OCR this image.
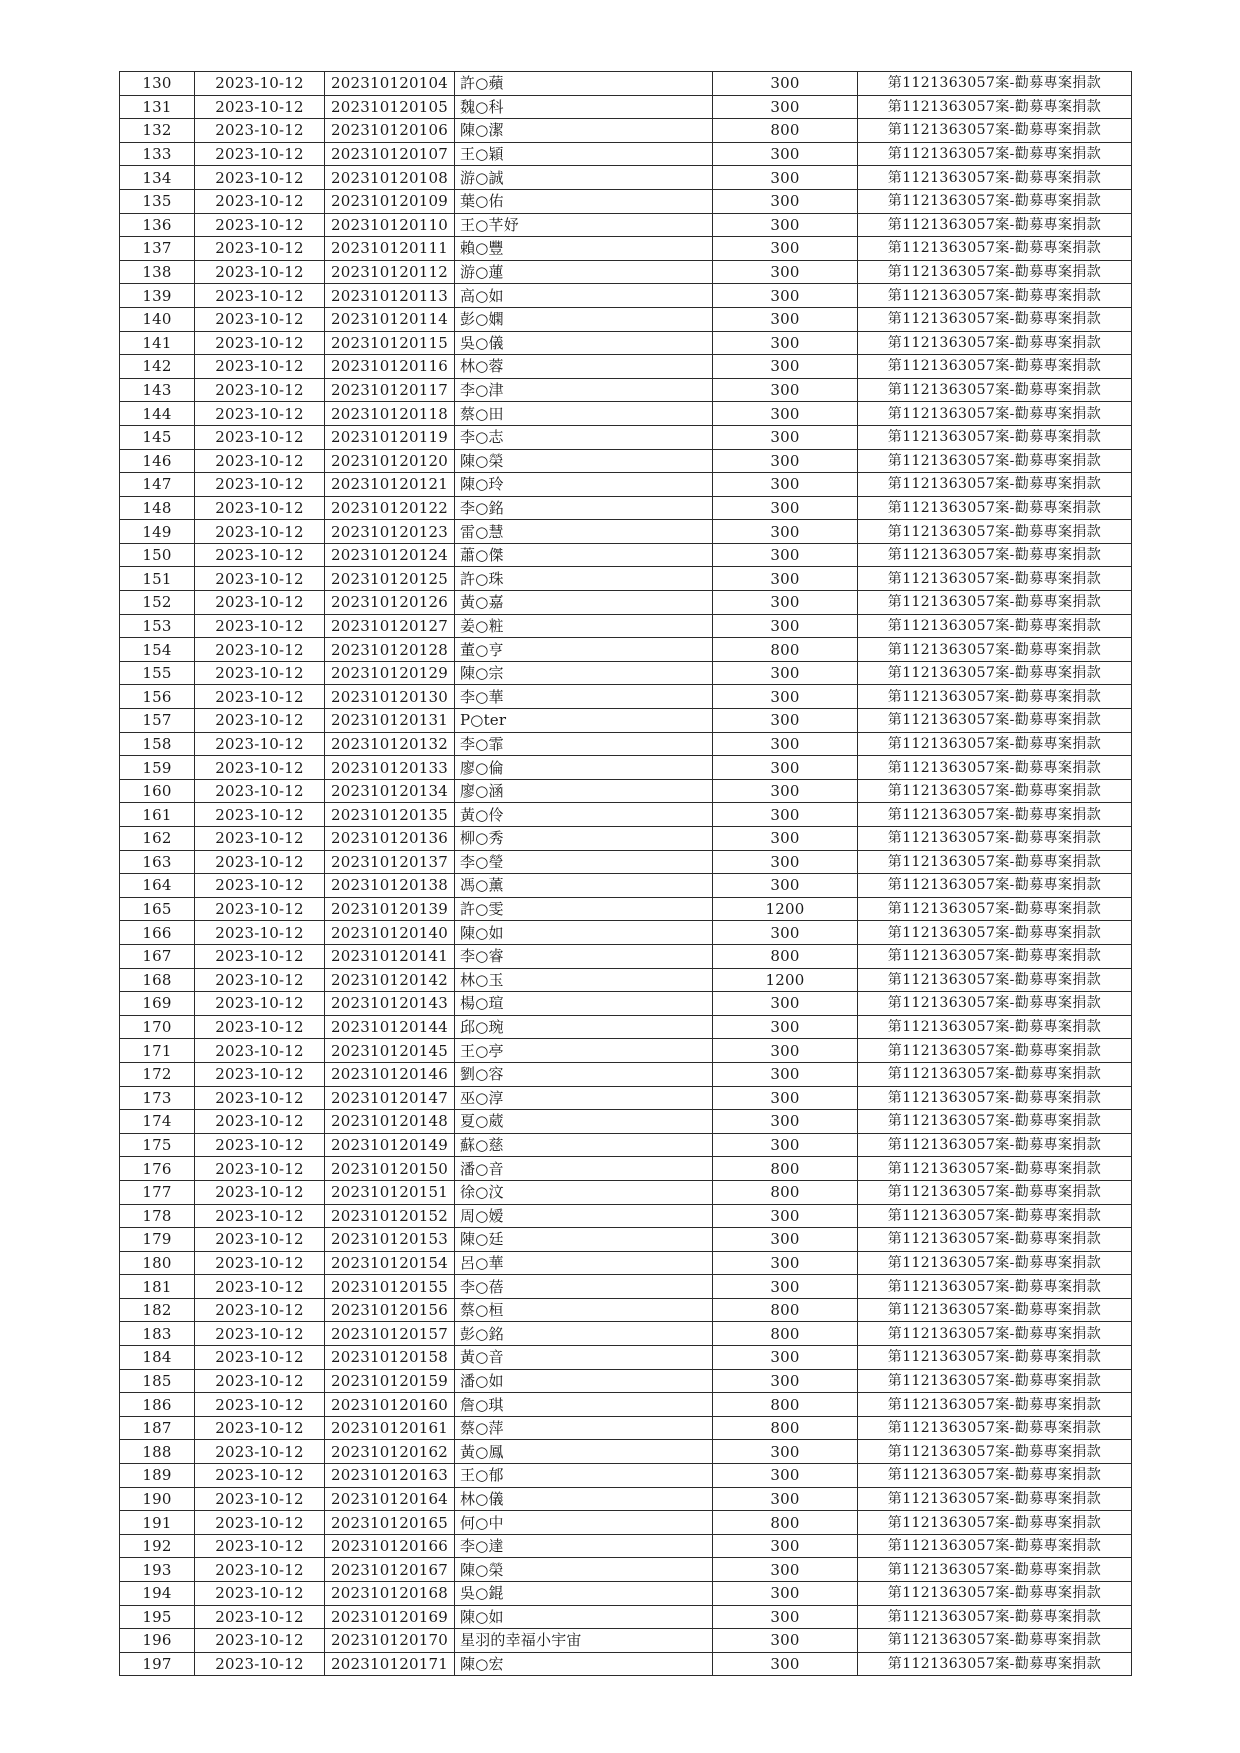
130	2023-10-12	202310120104	許○蘋	300	第1121363057案-勸募專案捐款
131	2023-10-12	202310120105	魏○科	300	第1121363057案-勸募專案捐款
132	2023-10-12	202310120106	陳○潔	800	第1121363057案-勸募專案捐款
133	2023-10-12	202310120107	王○穎	300	第1121363057案-勸募專案捐款
134	2023-10-12	202310120108	游○誠	300	第1121363057案-勸募專案捐款
135	2023-10-12	202310120109	葉○佑	300	第1121363057案-勸募專案捐款
136	2023-10-12	202310120110	王○芊妤	300	第1121363057案-勸募專案捐款
137	2023-10-12	202310120111	賴○豐	300	第1121363057案-勸募專案捐款
138	2023-10-12	202310120112	游○蓮	300	第1121363057案-勸募專案捐款
139	2023-10-12	202310120113	高○如	300	第1121363057案-勸募專案捐款
140	2023-10-12	202310120114	彭○嫻	300	第1121363057案-勸募專案捐款
141	2023-10-12	202310120115	吳○儀	300	第1121363057案-勸募專案捐款
142	2023-10-12	202310120116	林○蓉	300	第1121363057案-勸募專案捐款
143	2023-10-12	202310120117	李○津	300	第1121363057案-勸募專案捐款
144	2023-10-12	202310120118	蔡○田	300	第1121363057案-勸募專案捐款
145	2023-10-12	202310120119	李○志	300	第1121363057案-勸募專案捐款
146	2023-10-12	202310120120	陳○榮	300	第1121363057案-勸募專案捐款
147	2023-10-12	202310120121	陳○玲	300	第1121363057案-勸募專案捐款
148	2023-10-12	202310120122	李○銘	300	第1121363057案-勸募專案捐款
149	2023-10-12	202310120123	雷○慧	300	第1121363057案-勸募專案捐款
150	2023-10-12	202310120124	蕭○傑	300	第1121363057案-勸募專案捐款
151	2023-10-12	202310120125	許○珠	300	第1121363057案-勸募專案捐款
152	2023-10-12	202310120126	黃○嘉	300	第1121363057案-勸募專案捐款
153	2023-10-12	202310120127	姜○粧	300	第1121363057案-勸募專案捐款
154	2023-10-12	202310120128	董○亨	800	第1121363057案-勸募專案捐款
155	2023-10-12	202310120129	陳○宗	300	第1121363057案-勸募專案捐款
156	2023-10-12	202310120130	李○華	300	第1121363057案-勸募專案捐款
157	2023-10-12	202310120131	P○ter	300	第1121363057案-勸募專案捐款
158	2023-10-12	202310120132	李○霏	300	第1121363057案-勸募專案捐款
159	2023-10-12	202310120133	廖○倫	300	第1121363057案-勸募專案捐款
160	2023-10-12	202310120134	廖○涵	300	第1121363057案-勸募專案捐款
161	2023-10-12	202310120135	黃○伶	300	第1121363057案-勸募專案捐款
162	2023-10-12	202310120136	柳○秀	300	第1121363057案-勸募專案捐款
163	2023-10-12	202310120137	李○瑩	300	第1121363057案-勸募專案捐款
164	2023-10-12	202310120138	馮○薰	300	第1121363057案-勸募專案捐款
165	2023-10-12	202310120139	許○雯	1200	第1121363057案-勸募專案捐款
166	2023-10-12	202310120140	陳○如	300	第1121363057案-勸募專案捐款
167	2023-10-12	202310120141	李○睿	800	第1121363057案-勸募專案捐款
168	2023-10-12	202310120142	林○玉	1200	第1121363057案-勸募專案捐款
169	2023-10-12	202310120143	楊○瑄	300	第1121363057案-勸募專案捐款
170	2023-10-12	202310120144	邱○琬	300	第1121363057案-勸募專案捐款
171	2023-10-12	202310120145	王○亭	300	第1121363057案-勸募專案捐款
172	2023-10-12	202310120146	劉○容	300	第1121363057案-勸募專案捐款
173	2023-10-12	202310120147	巫○淳	300	第1121363057案-勸募專案捐款
174	2023-10-12	202310120148	夏○葳	300	第1121363057案-勸募專案捐款
175	2023-10-12	202310120149	蘇○慈	300	第1121363057案-勸募專案捐款
176	2023-10-12	202310120150	潘○音	800	第1121363057案-勸募專案捐款
177	2023-10-12	202310120151	徐○汶	800	第1121363057案-勸募專案捐款
178	2023-10-12	202310120152	周○嫒	300	第1121363057案-勸募專案捐款
179	2023-10-12	202310120153	陳○廷	300	第1121363057案-勸募專案捐款
180	2023-10-12	202310120154	呂○華	300	第1121363057案-勸募專案捐款
181	2023-10-12	202310120155	李○蓓	300	第1121363057案-勸募專案捐款
182	2023-10-12	202310120156	蔡○桓	800	第1121363057案-勸募專案捐款
183	2023-10-12	202310120157	彭○銘	800	第1121363057案-勸募專案捐款
184	2023-10-12	202310120158	黃○音	300	第1121363057案-勸募專案捐款
185	2023-10-12	202310120159	潘○如	300	第1121363057案-勸募專案捐款
186	2023-10-12	202310120160	詹○琪	800	第1121363057案-勸募專案捐款
187	2023-10-12	202310120161	蔡○萍	800	第1121363057案-勸募專案捐款
188	2023-10-12	202310120162	黃○鳳	300	第1121363057案-勸募專案捐款
189	2023-10-12	202310120163	王○郁	300	第1121363057案-勸募專案捐款
190	2023-10-12	202310120164	林○儀	300	第1121363057案-勸募專案捐款
191	2023-10-12	202310120165	何○中	800	第1121363057案-勸募專案捐款
192	2023-10-12	202310120166	李○達	300	第1121363057案-勸募專案捐款
193	2023-10-12	202310120167	陳○榮	300	第1121363057案-勸募專案捐款
194	2023-10-12	202310120168	吳○錕	300	第1121363057案-勸募專案捐款
195	2023-10-12	202310120169	陳○如	300	第1121363057案-勸募專案捐款
196	2023-10-12	202310120170	星羽的幸福小宇宙	300	第1121363057案-勸募專案捐款
197	2023-10-12	202310120171	陳○宏	300	第1121363057案-勸募專案捐款
